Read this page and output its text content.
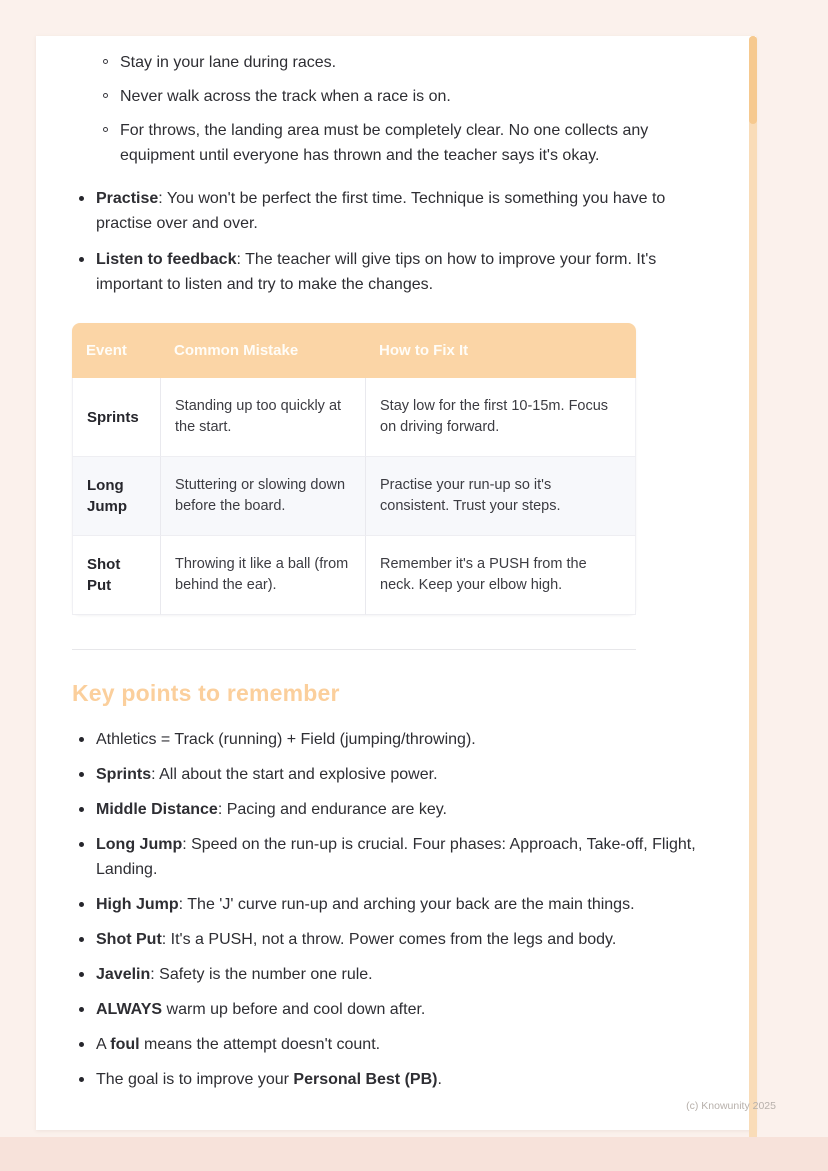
Stay in your lane during races.
Never walk across the track when a race is on.
For throws, the landing area must be completely clear. No one collects any equipment until everyone has thrown and the teacher says it's okay.
Practise: You won't be perfect the first time. Technique is something you have to practise over and over.
Listen to feedback: The teacher will give tips on how to improve your form. It's important to listen and try to make the changes.
Event	Common Mistake	How to Fix It
Sprints	Standing up too quickly at the start.	Stay low for the first 10-15m. Focus on driving forward.
Long Jump	Stuttering or slowing down before the board.	Practise your run-up so it's consistent. Trust your steps.
Shot Put	Throwing it like a ball (from behind the ear).	Remember it's a PUSH from the neck. Keep your elbow high.
Key points to remember
Athletics = Track (running) + Field (jumping/throwing).
Sprints: All about the start and explosive power.
Middle Distance: Pacing and endurance are key.
Long Jump: Speed on the run-up is crucial. Four phases: Approach, Take-off, Flight, Landing.
High Jump: The 'J' curve run-up and arching your back are the main things.
Shot Put: It's a PUSH, not a throw. Power comes from the legs and body.
Javelin: Safety is the number one rule.
ALWAYS warm up before and cool down after.
A foul means the attempt doesn't count.
The goal is to improve your Personal Best (PB).
(c) Knowunity 2025
